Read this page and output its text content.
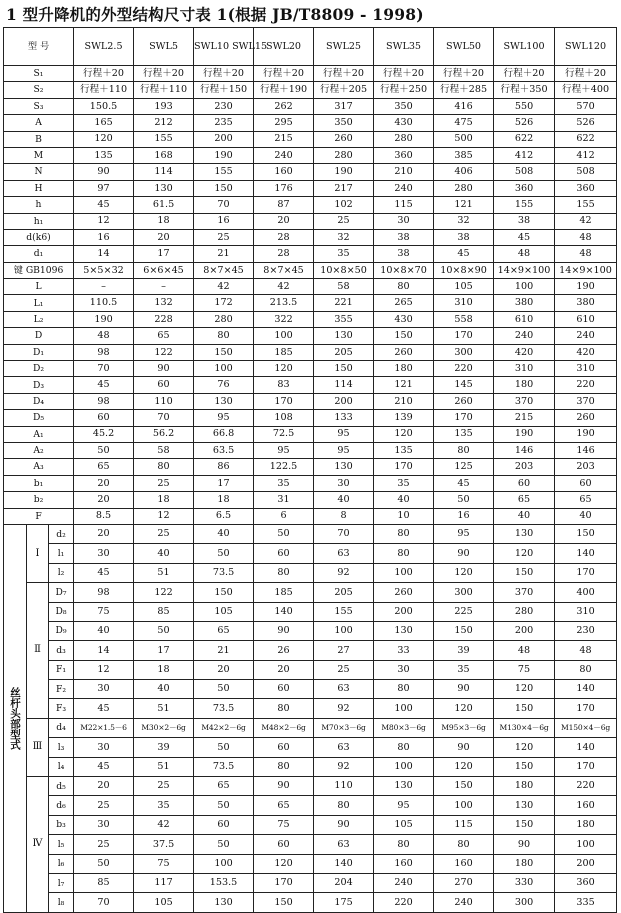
1 型升降机的外型结构尺寸表 1(根据 JB/T8809 - 1998)
型 号			SWL2.5	SWL5	SWL10 SWL15	SWL20	SWL25	SWL35	SWL50	SWL100	SWL120
S₁			行程＋20	行程＋20	行程＋20	行程＋20	行程＋20	行程＋20	行程＋20	行程＋20	行程＋20
S₂			行程＋110	行程＋110	行程＋150	行程＋190	行程＋205	行程＋250	行程＋285	行程＋350	行程＋400
S₃			150.5	193	230	262	317	350	416	550	570
A			165	212	235	295	350	430	475	526	526
B			120	155	200	215	260	280	500	622	622
M			135	168	190	240	280	360	385	412	412
N			90	114	155	160	190	210	406	508	508
H			97	130	150	176	217	240	280	360	360
h			45	61.5	70	87	102	115	121	155	155
h₁			12	18	16	20	25	30	32	38	42
d(k6)			16	20	25	28	32	38	38	45	48
d₁			14	17	21	28	35	38	45	48	48
键 GB1096			5×5×32	6×6×45	8×7×45	8×7×45	10×8×50	10×8×70	10×8×90	14×9×100	14×9×100
L			–	–	42	42	58	80	105	100	190
L₁			110.5	132	172	213.5	221	265	310	380	380
L₂			190	228	280	322	355	430	558	610	610
D			48	65	80	100	130	150	170	240	240
D₁			98	122	150	185	205	260	300	420	420
D₂			70	90	100	120	150	180	220	310	310
D₃			45	60	76	83	114	121	145	180	220
D₄			98	110	130	170	200	210	260	370	370
D₅			60	70	95	108	133	139	170	215	260
A₁			45.2	56.2	66.8	72.5	95	120	135	190	190
A₂			50	58	63.5	95	95	135	80	146	146
A₃			65	80	86	122.5	130	170	125	203	203
b₁			20	25	17	35	30	35	45	60	60
b₂			20	18	18	31	40	40	50	65	65
F			8.5	12	6.5	6	8	10	16	40	40
丝杆头部型式	Ⅰ	d₂	20	25	40	50	70	80	95	130	150
		l₁	30	40	50	60	63	80	90	120	140
		l₂	45	51	73.5	80	92	100	120	150	170
	Ⅱ	D₇	98	122	150	185	205	260	300	370	400
		D₈	75	85	105	140	155	200	225	280	310
		D₉	40	50	65	90	100	130	150	200	230
		d₃	14	17	21	26	27	33	39	48	48
		F₁	12	18	20	20	25	30	35	75	80
		F₂	30	40	50	60	63	80	90	120	140
		F₃	45	51	73.5	80	92	100	120	150	170
	Ⅲ	d₄	M22×1.5－6	M30×2－6g	M42×2－6g	M48×2－6g	M70×3－6g	M80×3－6g	M95×3－6g	M130×4－6g	M150×4－6g
		l₃	30	39	50	60	63	80	90	120	140
		l₄	45	51	73.5	80	92	100	120	150	170
	Ⅳ	d₅	20	25	65	90	110	130	150	180	220
		d₆	25	35	50	65	80	95	100	130	160
		b₃	30	42	60	75	90	105	115	150	180
		l₅	25	37.5	50	60	63	80	80	90	100
		l₆	50	75	100	120	140	160	160	180	200
		l₇	85	117	153.5	170	204	240	270	330	360
		l₈	70	105	130	150	175	220	240	300	335
